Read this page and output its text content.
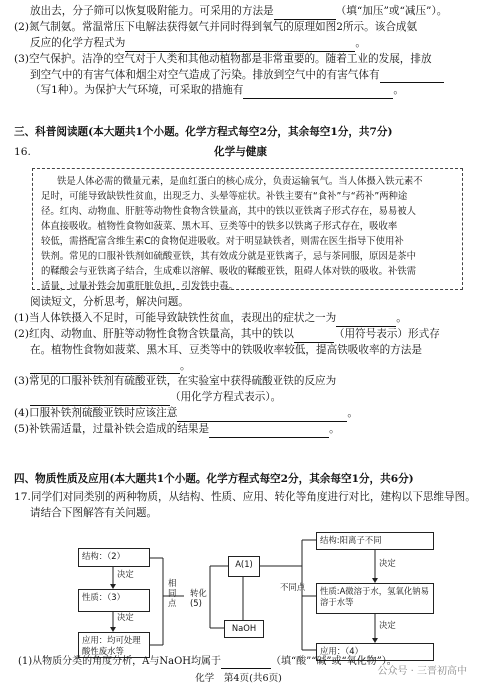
放出去，分子筛可以恢复吸附能力。可采用的方法是	（填“加压”或“减压”）。
(2)氮气制氨。常温常压下电解法获得氨气并同时得到氧气的原理如图2所示。该合成氨
反应的化学方程式为	。
(3)空气保护。洁净的空气对于人类和其他动植物都是非常重要的。随着工业的发展，排放
到空气中的有害气体和烟尘对空气造成了污染。排放到空气中的有害气体有
（写1种）。为保护大气环境，可采取的措施有	。
三、科普阅读题(本大题共1个小题。化学方程式每空2分，其余每空1分，共7分)
16.	化学与健康
铁是人体必需的微量元素，是血红蛋白的核心成分，负责运输氧气。当人体摄入铁元素不
足时，可能导致缺铁性贫血，出现乏力、头晕等症状。补铁主要有“食补”与“药补”两种途
径。红肉、动物血、肝脏等动物性食物含铁量高，其中的铁以亚铁离子形式存在，易易被人
体直接吸收。植物性食物如菠菜、黑木耳、豆类等中的铁多以铁离子形式存在，吸收率
较低，需搭配富含维生素C的食物促进吸收。对于明显缺铁者，则需在医生指导下使用补
铁剂。常见的口服补铁剂如硫酸亚铁，其有效成分就是亚铁离子，忌与茶同服，原因是茶中
的鞣酸会与亚铁离子结合，生成难以溶解、吸收的鞣酸亚铁，阻碍人体对铁的吸收。补铁需
适量，过量补铁会加重肝脏负担，引发铁中毒。
阅读短文，分析思考，解决问题。
(1)当人体铁摄入不足时，可能导致缺铁性贫血，表现出的症状之一为	。
(2)红肉、动物血、肝脏等动物性食物含铁量高，其中的铁以	（用符号表示）形式存
在。植物性食物如菠菜、黑木耳、豆类等中的铁吸收率较低，提高铁吸收率的方法是
。
(3)常见的口服补铁剂有硫酸亚铁，在实验室中获得硫酸亚铁的反应为
（用化学方程式表示）。
(4)口服补铁剂硫酸亚铁时应该注意	。
(5)补铁需适量，过量补铁会造成的结果是	。
四、物质性质及应用(本大题共1个小题。化学方程式每空2分，其余每空1分，共6分)
17.同学们对同类别的两种物质，从结构、性质、应用、转化等角度进行对比，建构以下思维导图。
请结合下图解答有关问题。
结构：（2）
决定
性质：（3）
决定
应用：均可处理酸性废水等
相同点
A(1)
转化(5)
NaOH
不同点
结构:阳离子不同
决定
性质:A微溶于水，氢氧化钠易溶于水等
决定
应用：（4）
(1)从物质分类的角度分析，A与NaOH均属于	（填“酸”“碱”或“氧化物”）。
化学　第4页(共6页)
公众号 · 三晋初高中
